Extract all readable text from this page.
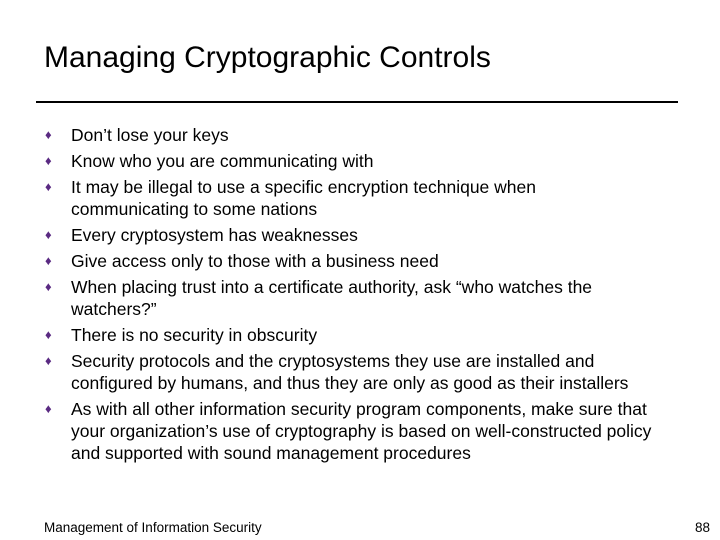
Managing Cryptographic Controls
♦	Don’t lose your keys
♦	Know who you are communicating with
♦	It may be illegal to use a specific encryption technique when communicating to some nations
♦	Every cryptosystem has weaknesses
♦	Give access only to those with a business need
♦	When placing trust into a certificate authority, ask “who watches the watchers?”
♦	There is no security in obscurity
♦	Security protocols and the cryptosystems they use are installed and configured by humans, and thus they are only as good as their installers
♦	As with all other information security program components, make sure that your organization’s use of cryptography is based on well-constructed policy and supported with sound management procedures
Management of Information Security	88
